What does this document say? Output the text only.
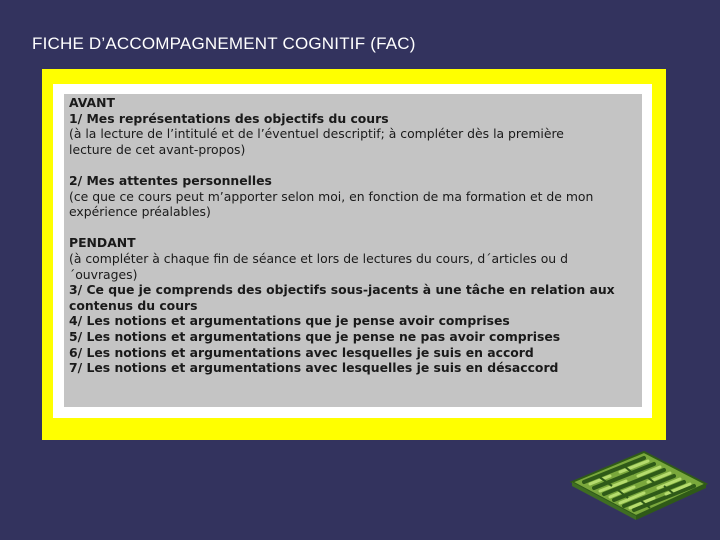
FICHE D’ACCOMPAGNEMENT COGNITIF (FAC)
AVANT
1/ Mes représentations des objectifs du cours
(à la lecture de l’intitulé et de l’éventuel descriptif; à compléter dès la première
lecture de cet avant-propos)
2/ Mes attentes personnelles
(ce que ce cours peut m’apporter selon moi, en fonction de ma formation et de mon
expérience préalables)
PENDANT
(à compléter à chaque fin de séance et lors de lectures du cours, d´articles ou d
´ouvrages)
3/ Ce que je comprends des objectifs sous-jacents à une tâche en relation aux
contenus du cours
4/ Les notions et argumentations que je pense avoir comprises
5/ Les notions et argumentations que je pense ne pas avoir comprises
6/ Les notions et argumentations avec lesquelles je suis en accord
7/ Les notions et argumentations avec lesquelles je suis en désaccord
